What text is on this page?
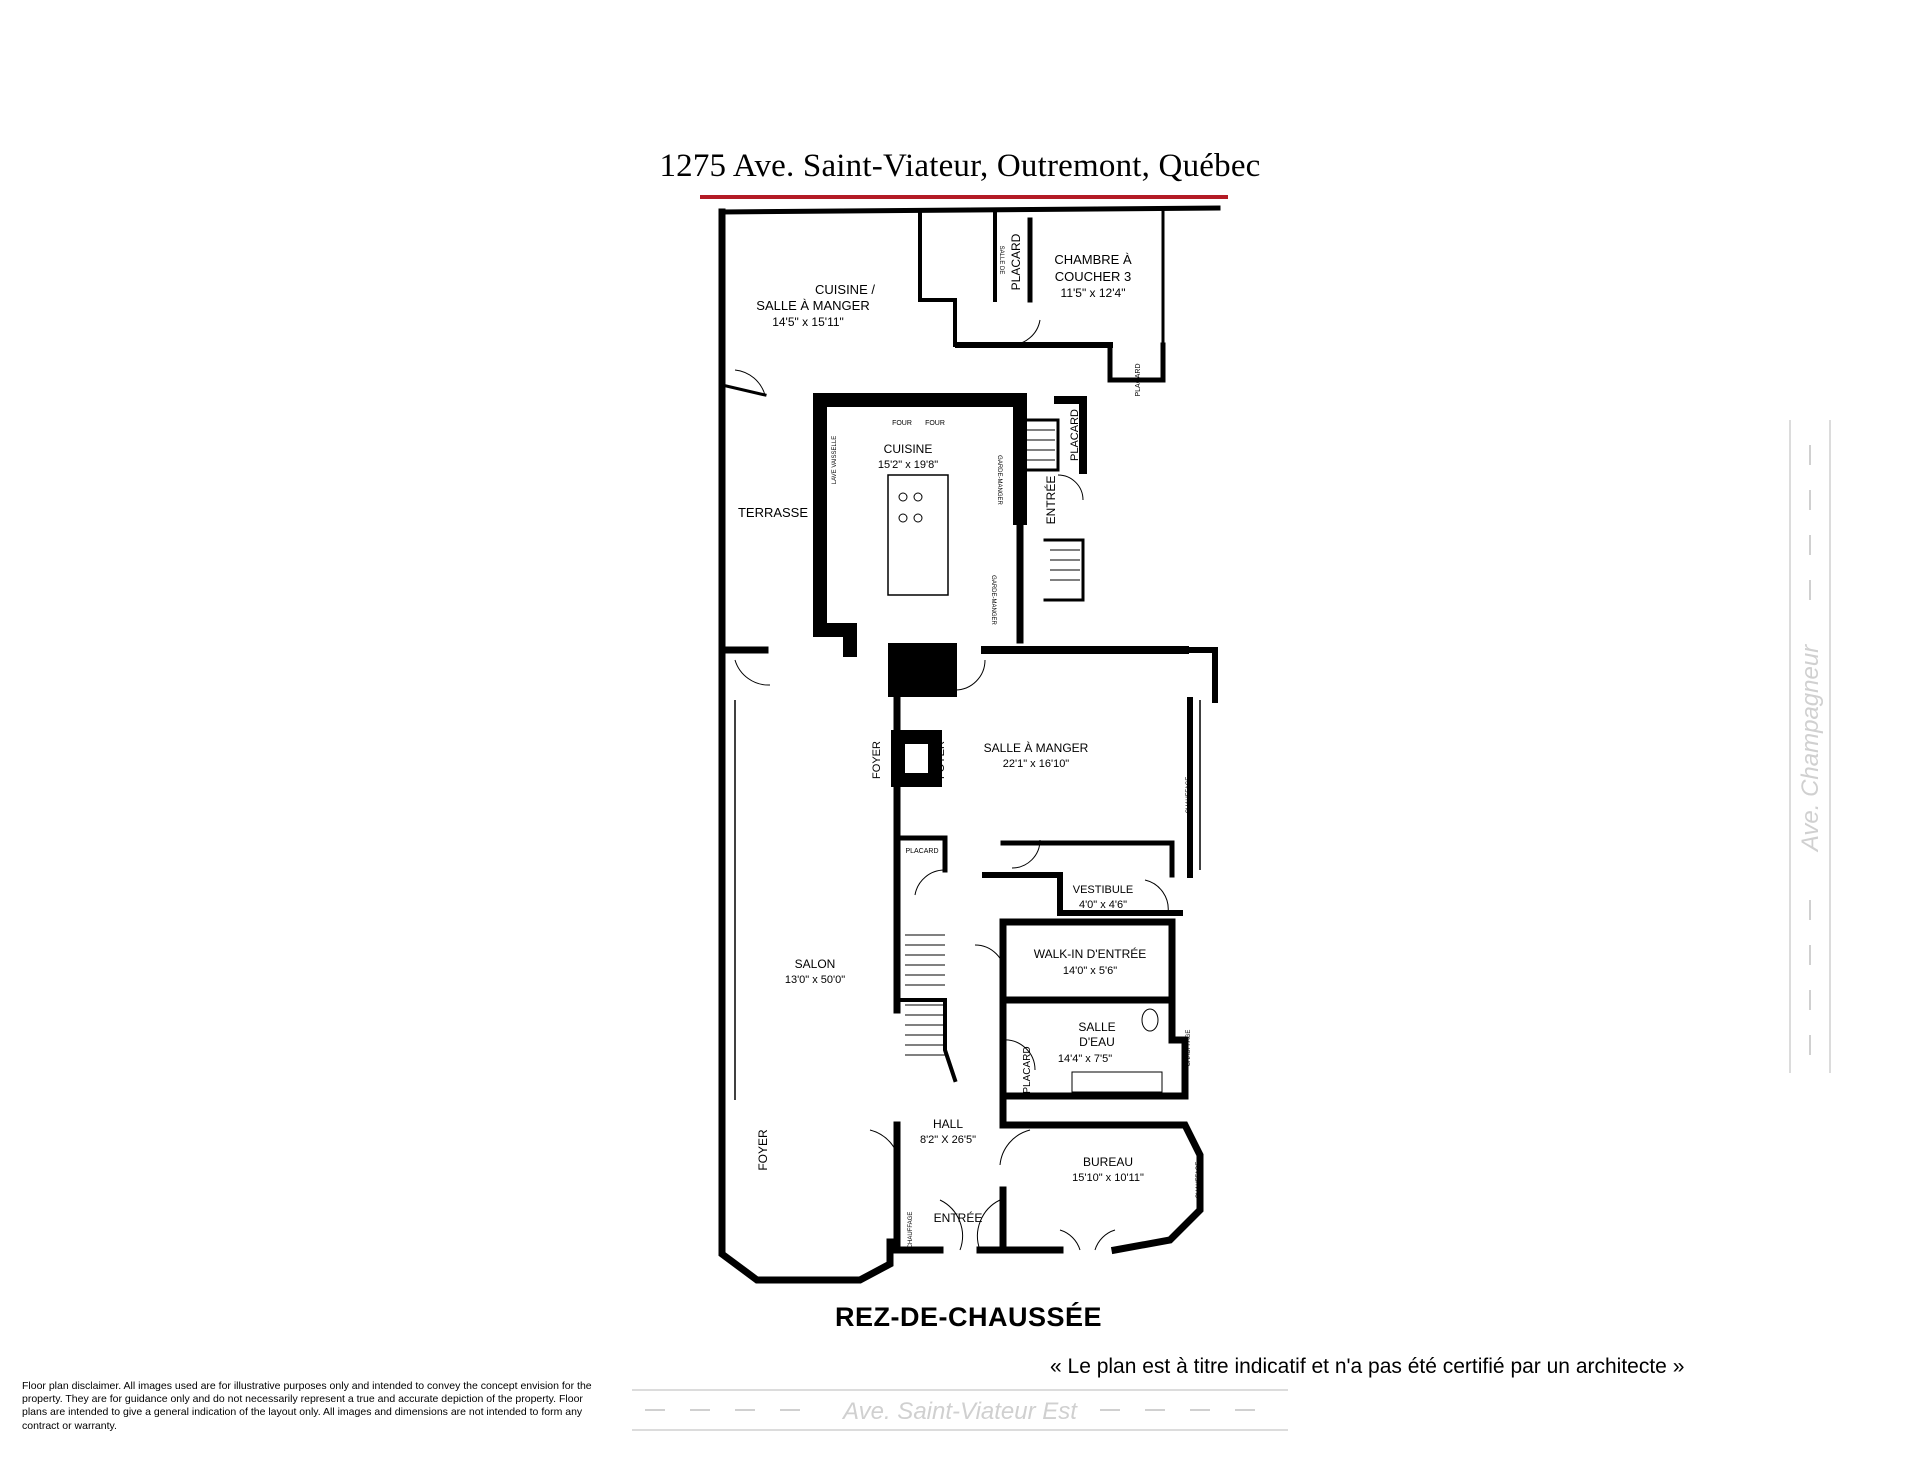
1275 Ave. Saint-Viateur, Outremont, Québec
CUISINE /
SALLE À MANGER
14'5" x 15'11"
CHAMBRE À
COUCHER 3
11'5" x 12'4"
PLACARD
PLACARD
SALLE DE
CUISINE
15'2" x 19'8"
FOUR FOUR
LAVE VAISSELLE	GARDE-MANGER
GARDE-MANGER
PLACARD
ENTRÉE
TERRASSE
SALLE À MANGER
22'1" x 16'10"
FOYER	FOYER
FOYER
PLACARD
VESTIBULE
4'0" x 4'6"
WALK-IN D'ENTRÉE
14'0" x 5'6"
SALLE
D'EAU
14'4" x 7'5"
PLACARD
SALON
13'0" x 50'0"
HALL
8'2" X 26'5"
BUREAU
15'10" x 10'11"
ENTRÉE
CHAUFFAGE
CHAUFFAGE
CHAUFFAGE
CHAUFFAGE
Ave. Saint-Viateur Est
Ave. Champagneur
REZ-DE-CHAUSSÉE
« Le plan est à titre indicatif et n'a pas été certifié par un architecte »
Floor plan disclaimer. All images used are for illustrative purposes only and intended to convey the concept envision for the property. They are for guidance only and do not necessarily represent a true and accurate depiction of the property. Floor plans are intended to give a general indication of the layout only. All images and dimensions are not intended to form any contract or warranty.
